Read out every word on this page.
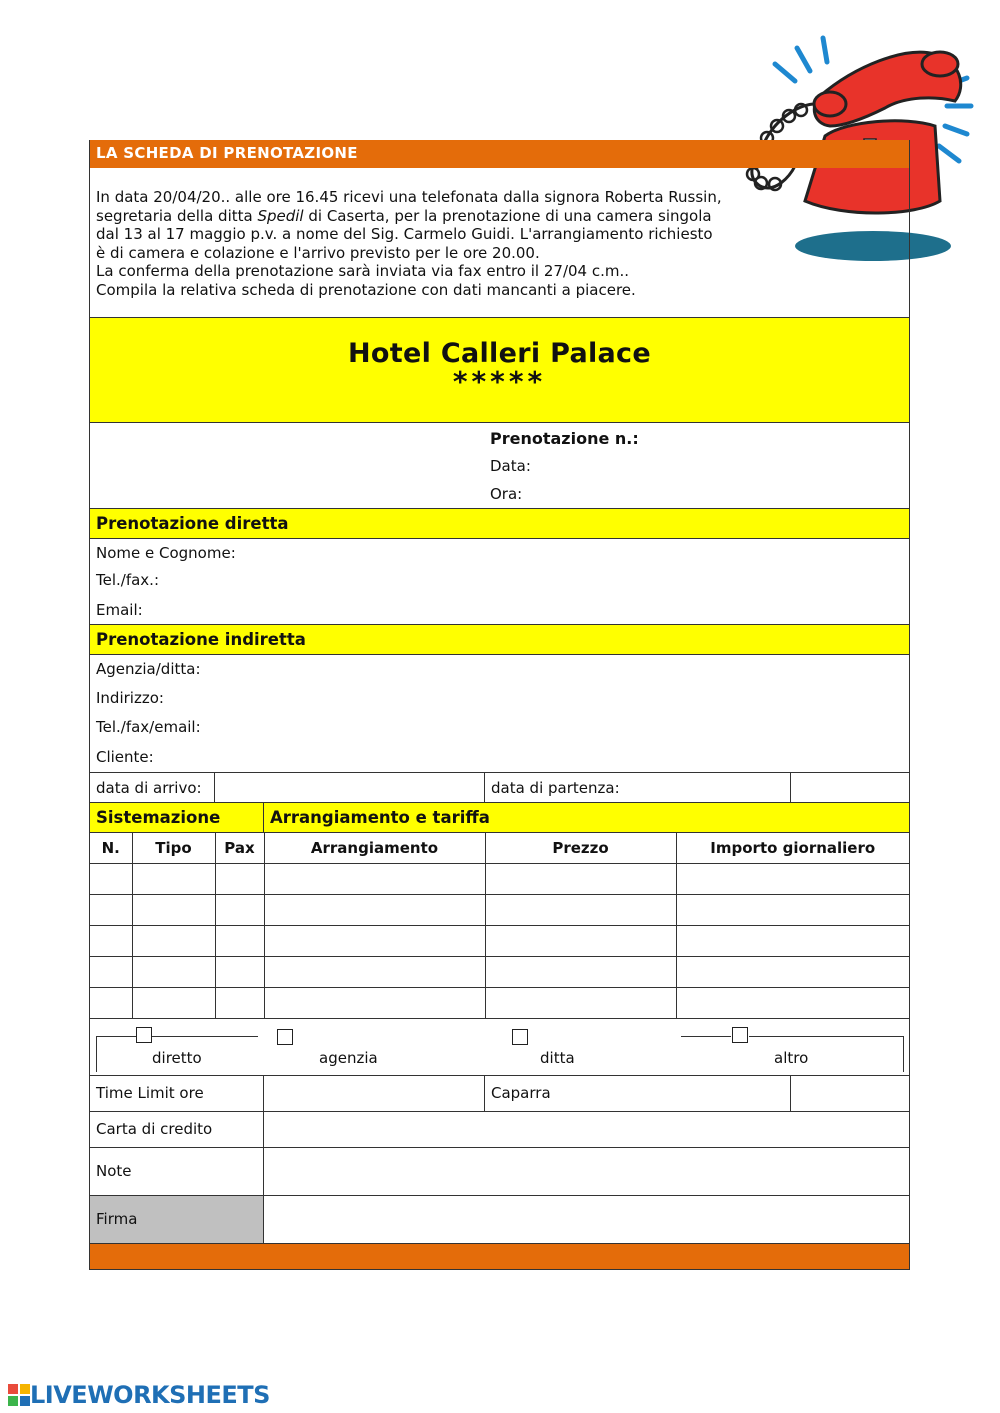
LA SCHEDA DI PRENOTAZIONE

In data 20/04/20.. alle ore 16.45 ricevi una telefonata dalla signora Roberta Russin,

segretaria della ditta Spedil di Caserta, per la prenotazione di una camera singola

dal 13 al 17 maggio p.v. a nome del Sig. Carmelo Guidi. L'arrangiamento richiesto

è di camera e colazione e l'arrivo previsto per le ore 20.00.

La conferma della prenotazione sarà inviata via fax entro il 27/04 c.m..

Compila la relativa scheda di prenotazione con dati mancanti a piacere.

Hotel Calleri Palace
*****
Prenotazione n.:
Data:
Ora:
Prenotazione diretta
Nome e Cognome:
Tel./fax.:
Email:
Prenotazione indiretta
Agenzia/ditta:
Indirizzo:
Tel./fax/email:
Cliente:
data di arrivo:	data di partenza:
Sistemazione	Arrangiamento e tariffa
N.	Tipo	Pax	Arrangiamento	Prezzo	Importo giornaliero

diretto	agenzia	ditta	altro
Time Limit ore	Caparra
Carta di credito
Note
Firma
LIVEWORKSHEETS
